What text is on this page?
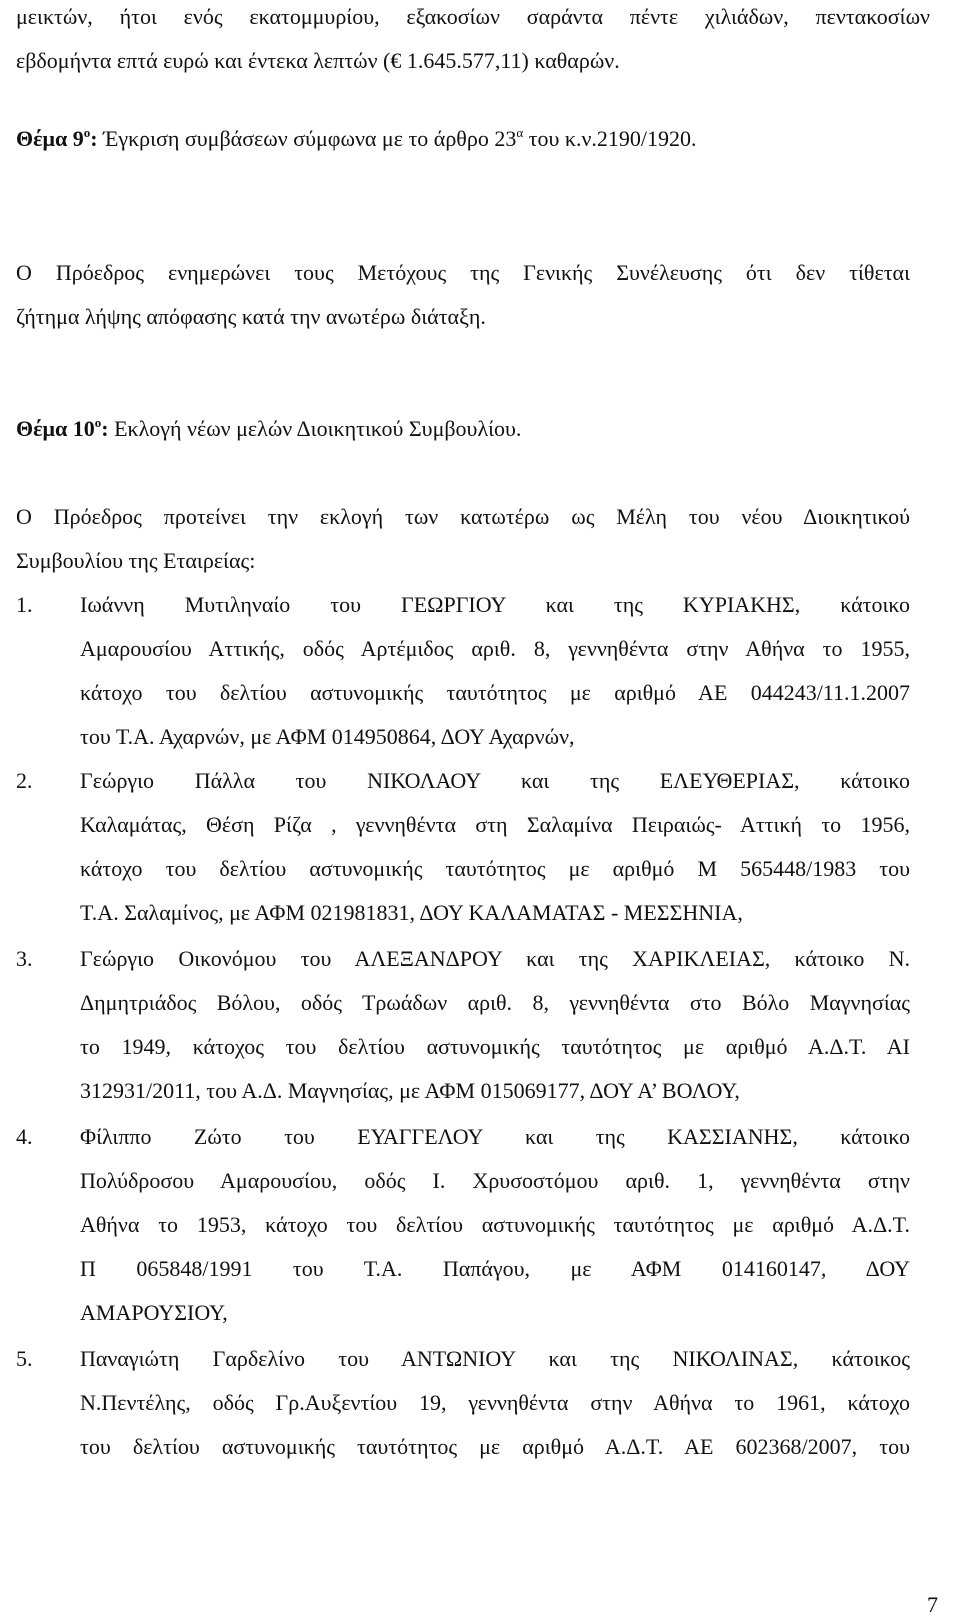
μεικτών, ήτοι ενός εκατομμυρίου, εξακοσίων σαράντα πέντε χιλιάδων, πεντακοσίων
εβδομήντα επτά ευρώ και έντεκα λεπτών (€ 1.645.577,11) καθαρών.
Θέμα $9^o$: Έγκριση συμβάσεων σύμφωνα με το άρθρο $23^\alpha$ του κ.ν.2190/1920.
Ο Πρόεδρος ενημερώνει τους Μετόχους της Γενικής Συνέλευσης ότι δεν τίθεται
ζήτημα λήψης απόφασης κατά την ανωτέρω διάταξη.
Θέμα $10^o$: Εκλογή νέων μελών Διοικητικού Συμβουλίου.
Ο Πρόεδρος προτείνει την εκλογή των κατωτέρω ως Μέλη του νέου Διοικητικού
Συμβουλίου της Εταιρείας:
1. Ιωάννη Μυτιληναίο του ΓΕΩΡΓΙΟΥ και της ΚΥΡΙΑΚΗΣ, κάτοικο
Αμαρουσίου Αττικής, οδός Αρτέμιδος αριθ. 8, γεννηθέντα στην Αθήνα το 1955,
κάτοχο του δελτίου αστυνομικής ταυτότητος με αριθμό ΑΕ 044243/11.1.2007
του Τ.Α. Αχαρνών, με ΑΦΜ 014950864, ΔΟΥ Αχαρνών,
2. Γεώργιο Πάλλα του ΝΙΚΟΛΑΟΥ και της ΕΛΕΥΘΕΡΙΑΣ, κάτοικο
Καλαμάτας, Θέση Ρίζα , γεννηθέντα στη Σαλαμίνα Πειραιώς- Αττική το 1956,
κάτοχο του δελτίου αστυνομικής ταυτότητος με αριθμό Μ 565448/1983 του
Τ.Α. Σαλαμίνος, με ΑΦΜ 021981831, ΔΟΥ ΚΑΛΑΜΑΤΑΣ - ΜΕΣΣΗΝΙΑ,
3. Γεώργιο Οικονόμου του ΑΛΕΞΑΝΔΡΟΥ και της ΧΑΡΙΚΛΕΙΑΣ, κάτοικο Ν.
Δημητριάδος Βόλου, οδός Τρωάδων αριθ. 8, γεννηθέντα στο Βόλο Μαγνησίας
το 1949, κάτοχος του δελτίου αστυνομικής ταυτότητος με αριθμό Α.Δ.Τ. ΑΙ
312931/2011, του Α.Δ. Μαγνησίας, με ΑΦΜ 015069177, ΔΟΥ Α’ ΒΟΛΟΥ,
4. Φίλιππο Ζώτο του ΕΥΑΓΓΕΛΟΥ και της ΚΑΣΣΙΑΝΗΣ, κάτοικο
Πολύδροσου Αμαρουσίου, οδός Ι. Χρυσοστόμου αριθ. 1, γεννηθέντα στην
Αθήνα το 1953, κάτοχο του δελτίου αστυνομικής ταυτότητος με αριθμό Α.Δ.Τ.
Π 065848/1991 του Τ.Α. Παπάγου, με ΑΦΜ 014160147, ΔΟΥ
ΑΜΑΡΟΥΣΙΟΥ,
5. Παναγιώτη Γαρδελίνο του ΑΝΤΩΝΙΟΥ και της ΝΙΚΟΛΙΝΑΣ, κάτοικος
Ν.Πεντέλης, οδός Γρ.Αυξεντίου 19, γεννηθέντα στην Αθήνα το 1961, κάτοχο
του δελτίου αστυνομικής ταυτότητος με αριθμό Α.Δ.Τ. ΑΕ 602368/2007, του
7
